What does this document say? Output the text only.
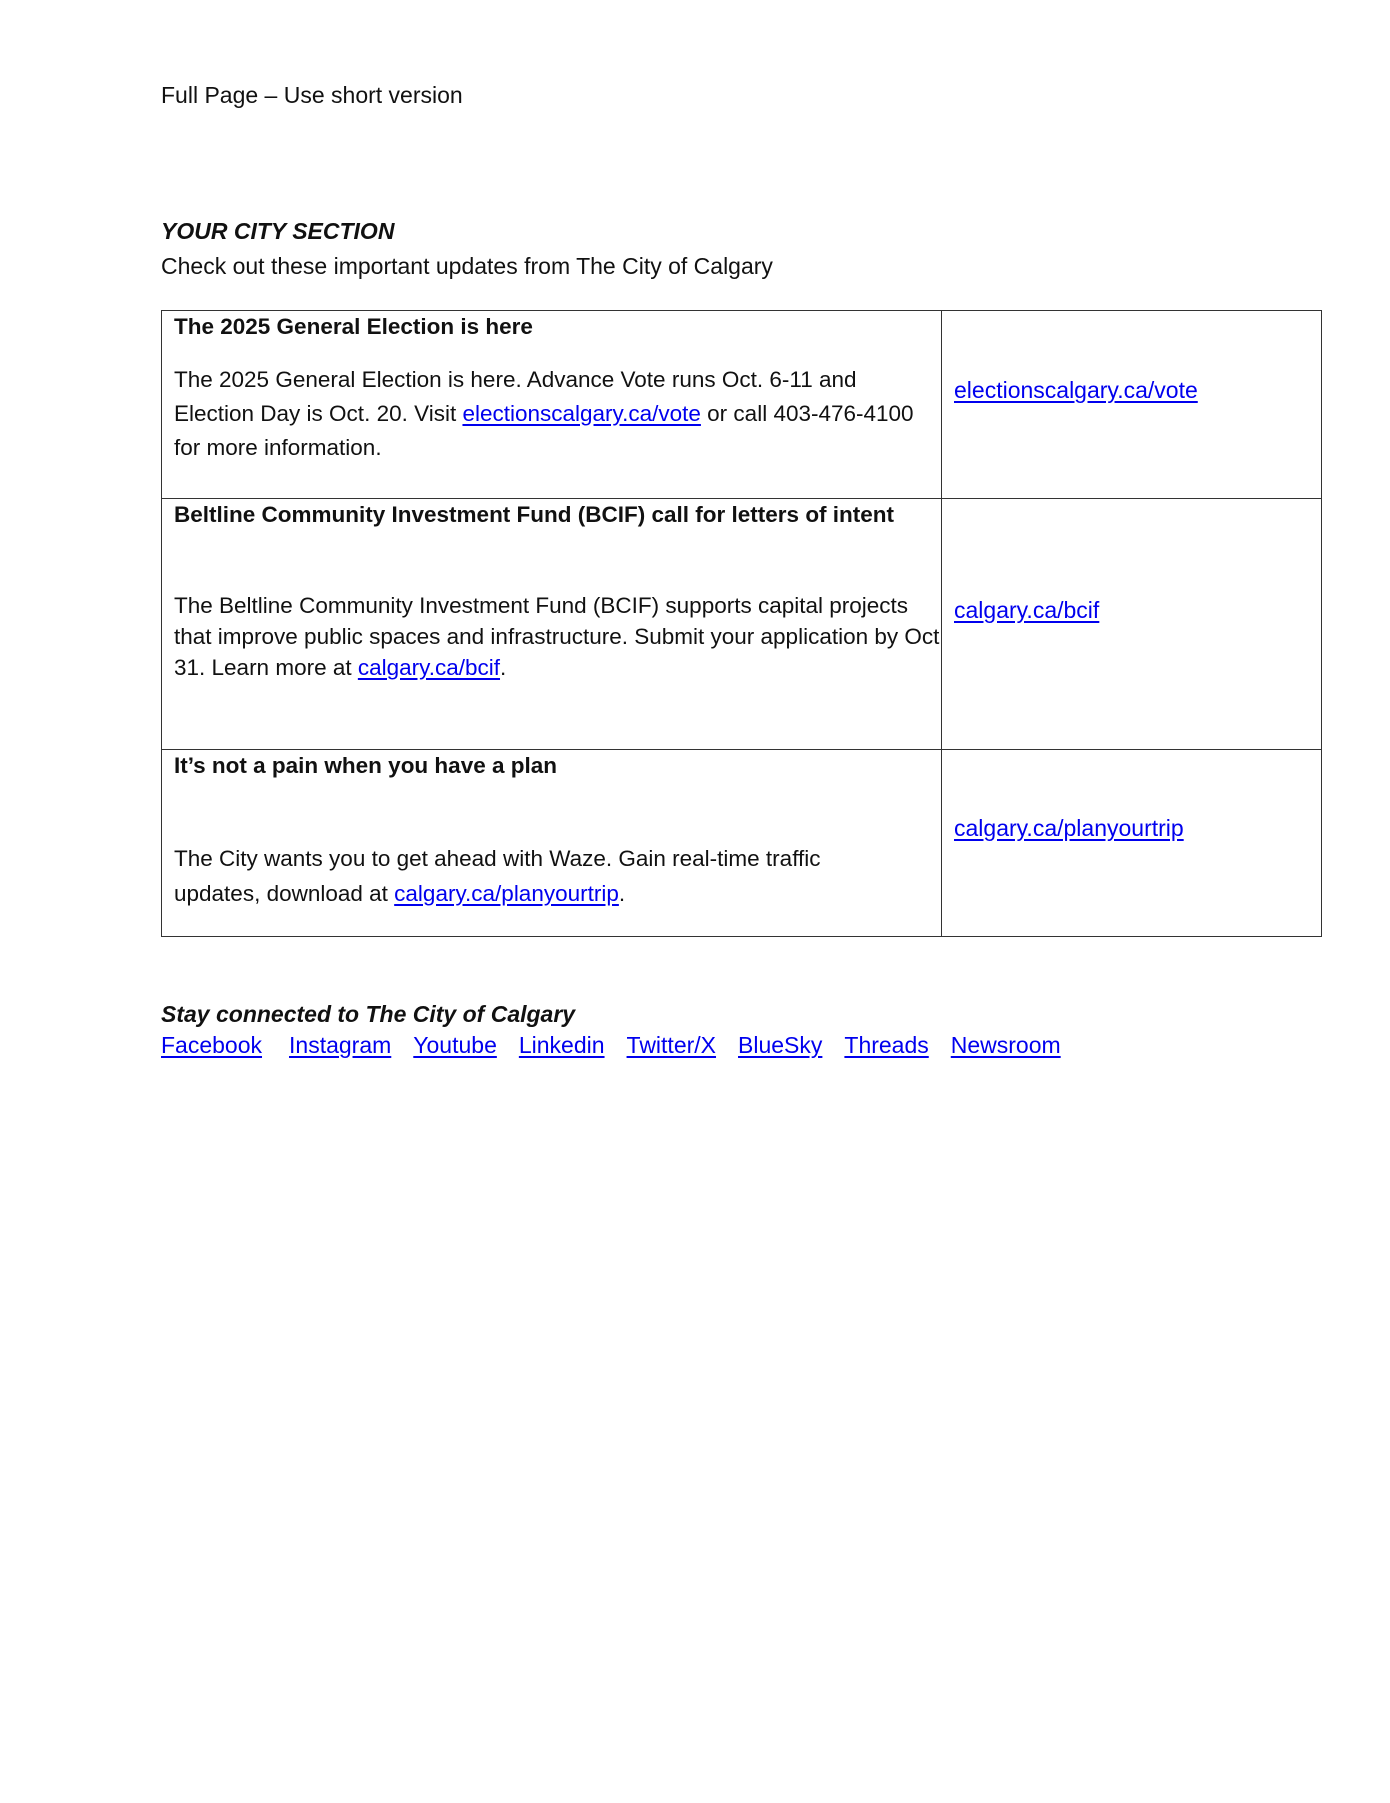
Full Page – Use short version
YOUR CITY SECTION
Check out these important updates from The City of Calgary
The 2025 General Election is here
The 2025 General Election is here. Advance Vote runs Oct. 6-11 and Election Day is Oct. 20. Visit electionscalgary.ca/vote or call 403-476-4100 for more information.	electionscalgary.ca/vote

Beltline Community Investment Fund (BCIF) call for letters of intent
The Beltline Community Investment Fund (BCIF) supports capital projects that improve public spaces and infrastructure. Submit your application by Oct 31. Learn more at calgary.ca/bcif.	calgary.ca/bcif

It’s not a pain when you have a plan
The City wants you to get ahead with Waze. Gain real-time traffic updates, download at calgary.ca/planyourtrip.	calgary.ca/planyourtrip
Stay connected to The City of Calgary
Facebook Instagram Youtube Linkedin Twitter/X BlueSky Threads Newsroom
